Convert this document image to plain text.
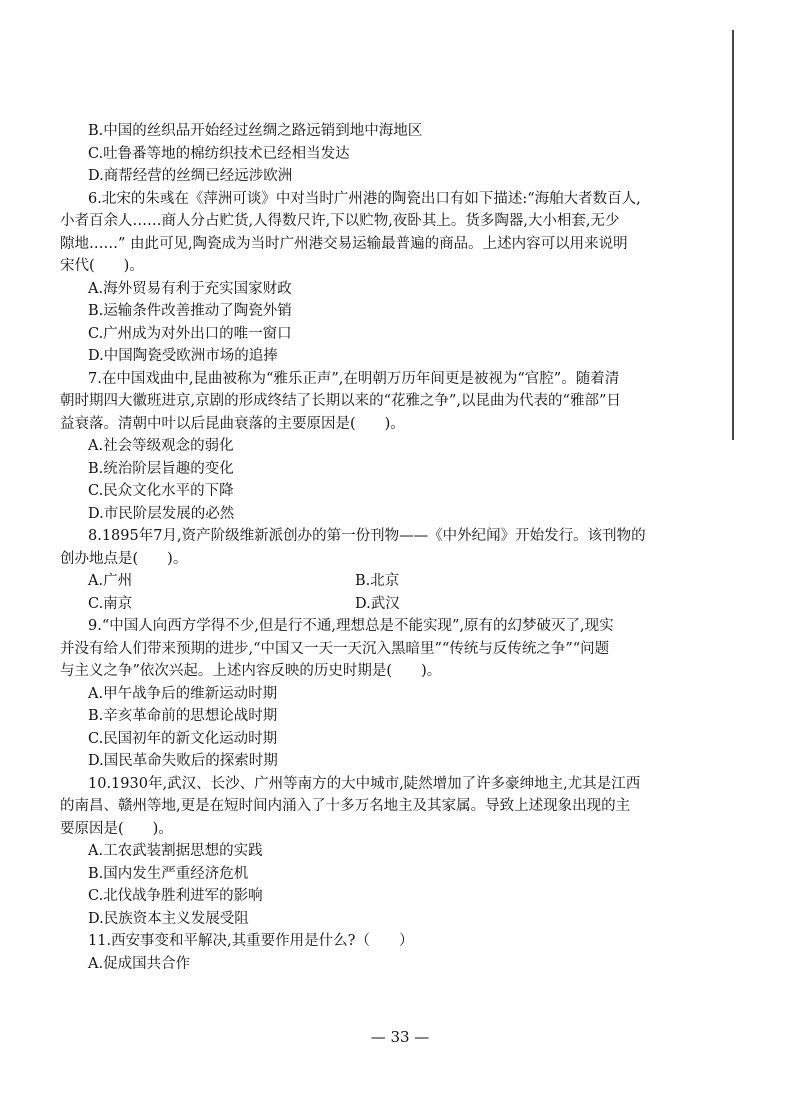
B.中国的丝织品开始经过丝绸之路远销到地中海地区
C.吐鲁番等地的棉纺织技术已经相当发达
D.商帮经营的丝绸已经远涉欧洲
6.北宋的朱彧在《萍洲可谈》中对当时广州港的陶瓷出口有如下描述:“海舶大者数百人,
小者百余人……商人分占贮货,人得数尺许,下以贮物,夜卧其上。货多陶器,大小相套,无少
隙地……” 由此可见,陶瓷成为当时广州港交易运输最普遍的商品。上述内容可以用来说明
宋代(　　)。
A.海外贸易有利于充实国家财政
B.运输条件改善推动了陶瓷外销
C.广州成为对外出口的唯一窗口
D.中国陶瓷受欧洲市场的追捧
7.在中国戏曲中,昆曲被称为“雅乐正声”,在明朝万历年间更是被视为“官腔”。随着清
朝时期四大徽班进京,京剧的形成终结了长期以来的“花雅之争”,以昆曲为代表的“雅部”日
益衰落。清朝中叶以后昆曲衰落的主要原因是(　　)。
A.社会等级观念的弱化
B.统治阶层旨趣的变化
C.民众文化水平的下降
D.市民阶层发展的必然
8.1895年7月,资产阶级维新派创办的第一份刊物——《中外纪闻》开始发行。该刊物的
创办地点是(　　)。
A.广州	B.北京
C.南京	D.武汉
9.“中国人向西方学得不少,但是行不通,理想总是不能实现”,原有的幻梦破灭了,现实
并没有给人们带来预期的进步,“中国又一天一天沉入黑暗里”“传统与反传统之争”“问题
与主义之争”依次兴起。上述内容反映的历史时期是(　　)。
A.甲午战争后的维新运动时期
B.辛亥革命前的思想论战时期
C.民国初年的新文化运动时期
D.国民革命失败后的探索时期
10.1930年,武汉、长沙、广州等南方的大中城市,陡然增加了许多豪绅地主,尤其是江西
的南昌、赣州等地,更是在短时间内涌入了十多万名地主及其家属。导致上述现象出现的主
要原因是(　　)。
A.工农武装割据思想的实践
B.国内发生严重经济危机
C.北伐战争胜利进军的影响
D.民族资本主义发展受阻
11.西安事变和平解决,其重要作用是什么?（　　）
A.促成国共合作
— 33 —
